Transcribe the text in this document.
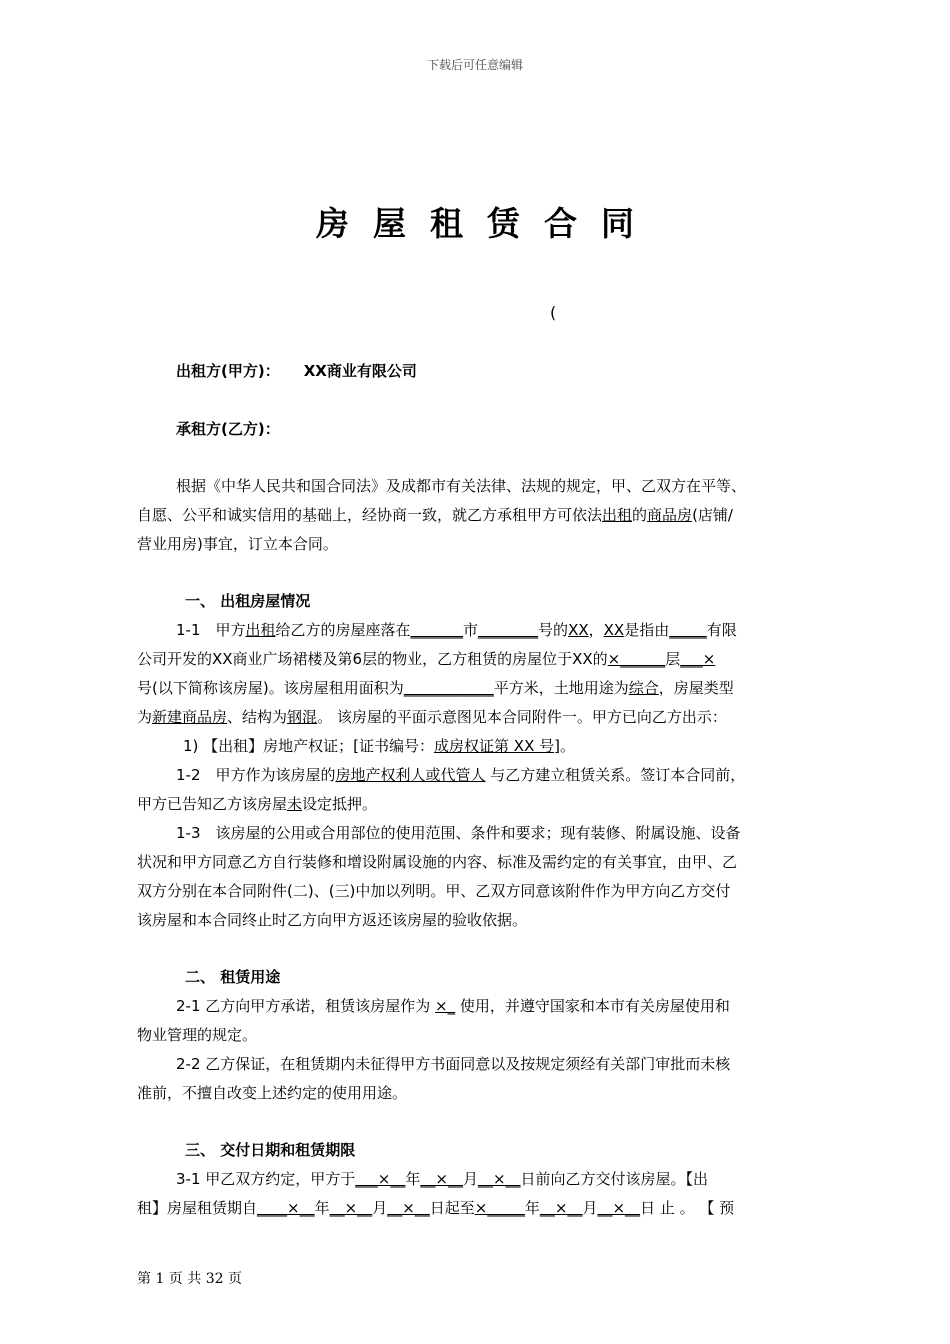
下载后可任意编辑
房屋租赁合同
(
出租方(甲方)： XX商业有限公司
承租方(乙方)：
根据《中华人民共和国合同法》及成都市有关法律、法规的规定，甲、乙双方在平等、
自愿、公平和诚实信用的基础上，经协商一致，就乙方承租甲方可依法出租的商品房(店铺/
营业用房)事宜，订立本合同。
一、 出租房屋情况
1-1　甲方出租给乙方的房屋座落在_______市________号的XX，XX是指由_____有限
公司开发的XX商业广场裙楼及第6层的物业，乙方租赁的房屋位于XX的×______层___×
号(以下简称该房屋)。该房屋租用面积为____________平方米，土地用途为综合，房屋类型
为新建商品房、结构为钢混。 该房屋的平面示意图见本合同附件一。甲方已向乙方出示：
1) 【出租】房地产权证；[证书编号：成房权证第 XX 号]。
1-2　甲方作为该房屋的房地产权利人或代管人 与乙方建立租赁关系。签订本合同前，
甲方已告知乙方该房屋未设定抵押。
1-3　该房屋的公用或合用部位的使用范围、条件和要求；现有装修、附属设施、设备
状况和甲方同意乙方自行装修和增设附属设施的内容、标准及需约定的有关事宜，由甲、乙
双方分别在本合同附件(二)、(三)中加以列明。甲、乙双方同意该附件作为甲方向乙方交付
该房屋和本合同终止时乙方向甲方返还该房屋的验收依据。
二、 租赁用途
2-1 乙方向甲方承诺，租赁该房屋作为 ×_ 使用，并遵守国家和本市有关房屋使用和
物业管理的规定。
2-2 乙方保证，在租赁期内未征得甲方书面同意以及按规定须经有关部门审批而未核
准前，不擅自改变上述约定的使用用途。
三、 交付日期和租赁期限
3-1 甲乙双方约定，甲方于___×__年__×__月__×__日前向乙方交付该房屋。【出
租】房屋租赁期自____×__年__×__月__×__日起至×_____年__×__月__×__日 止 。 【 预
第 1 页 共 32 页
